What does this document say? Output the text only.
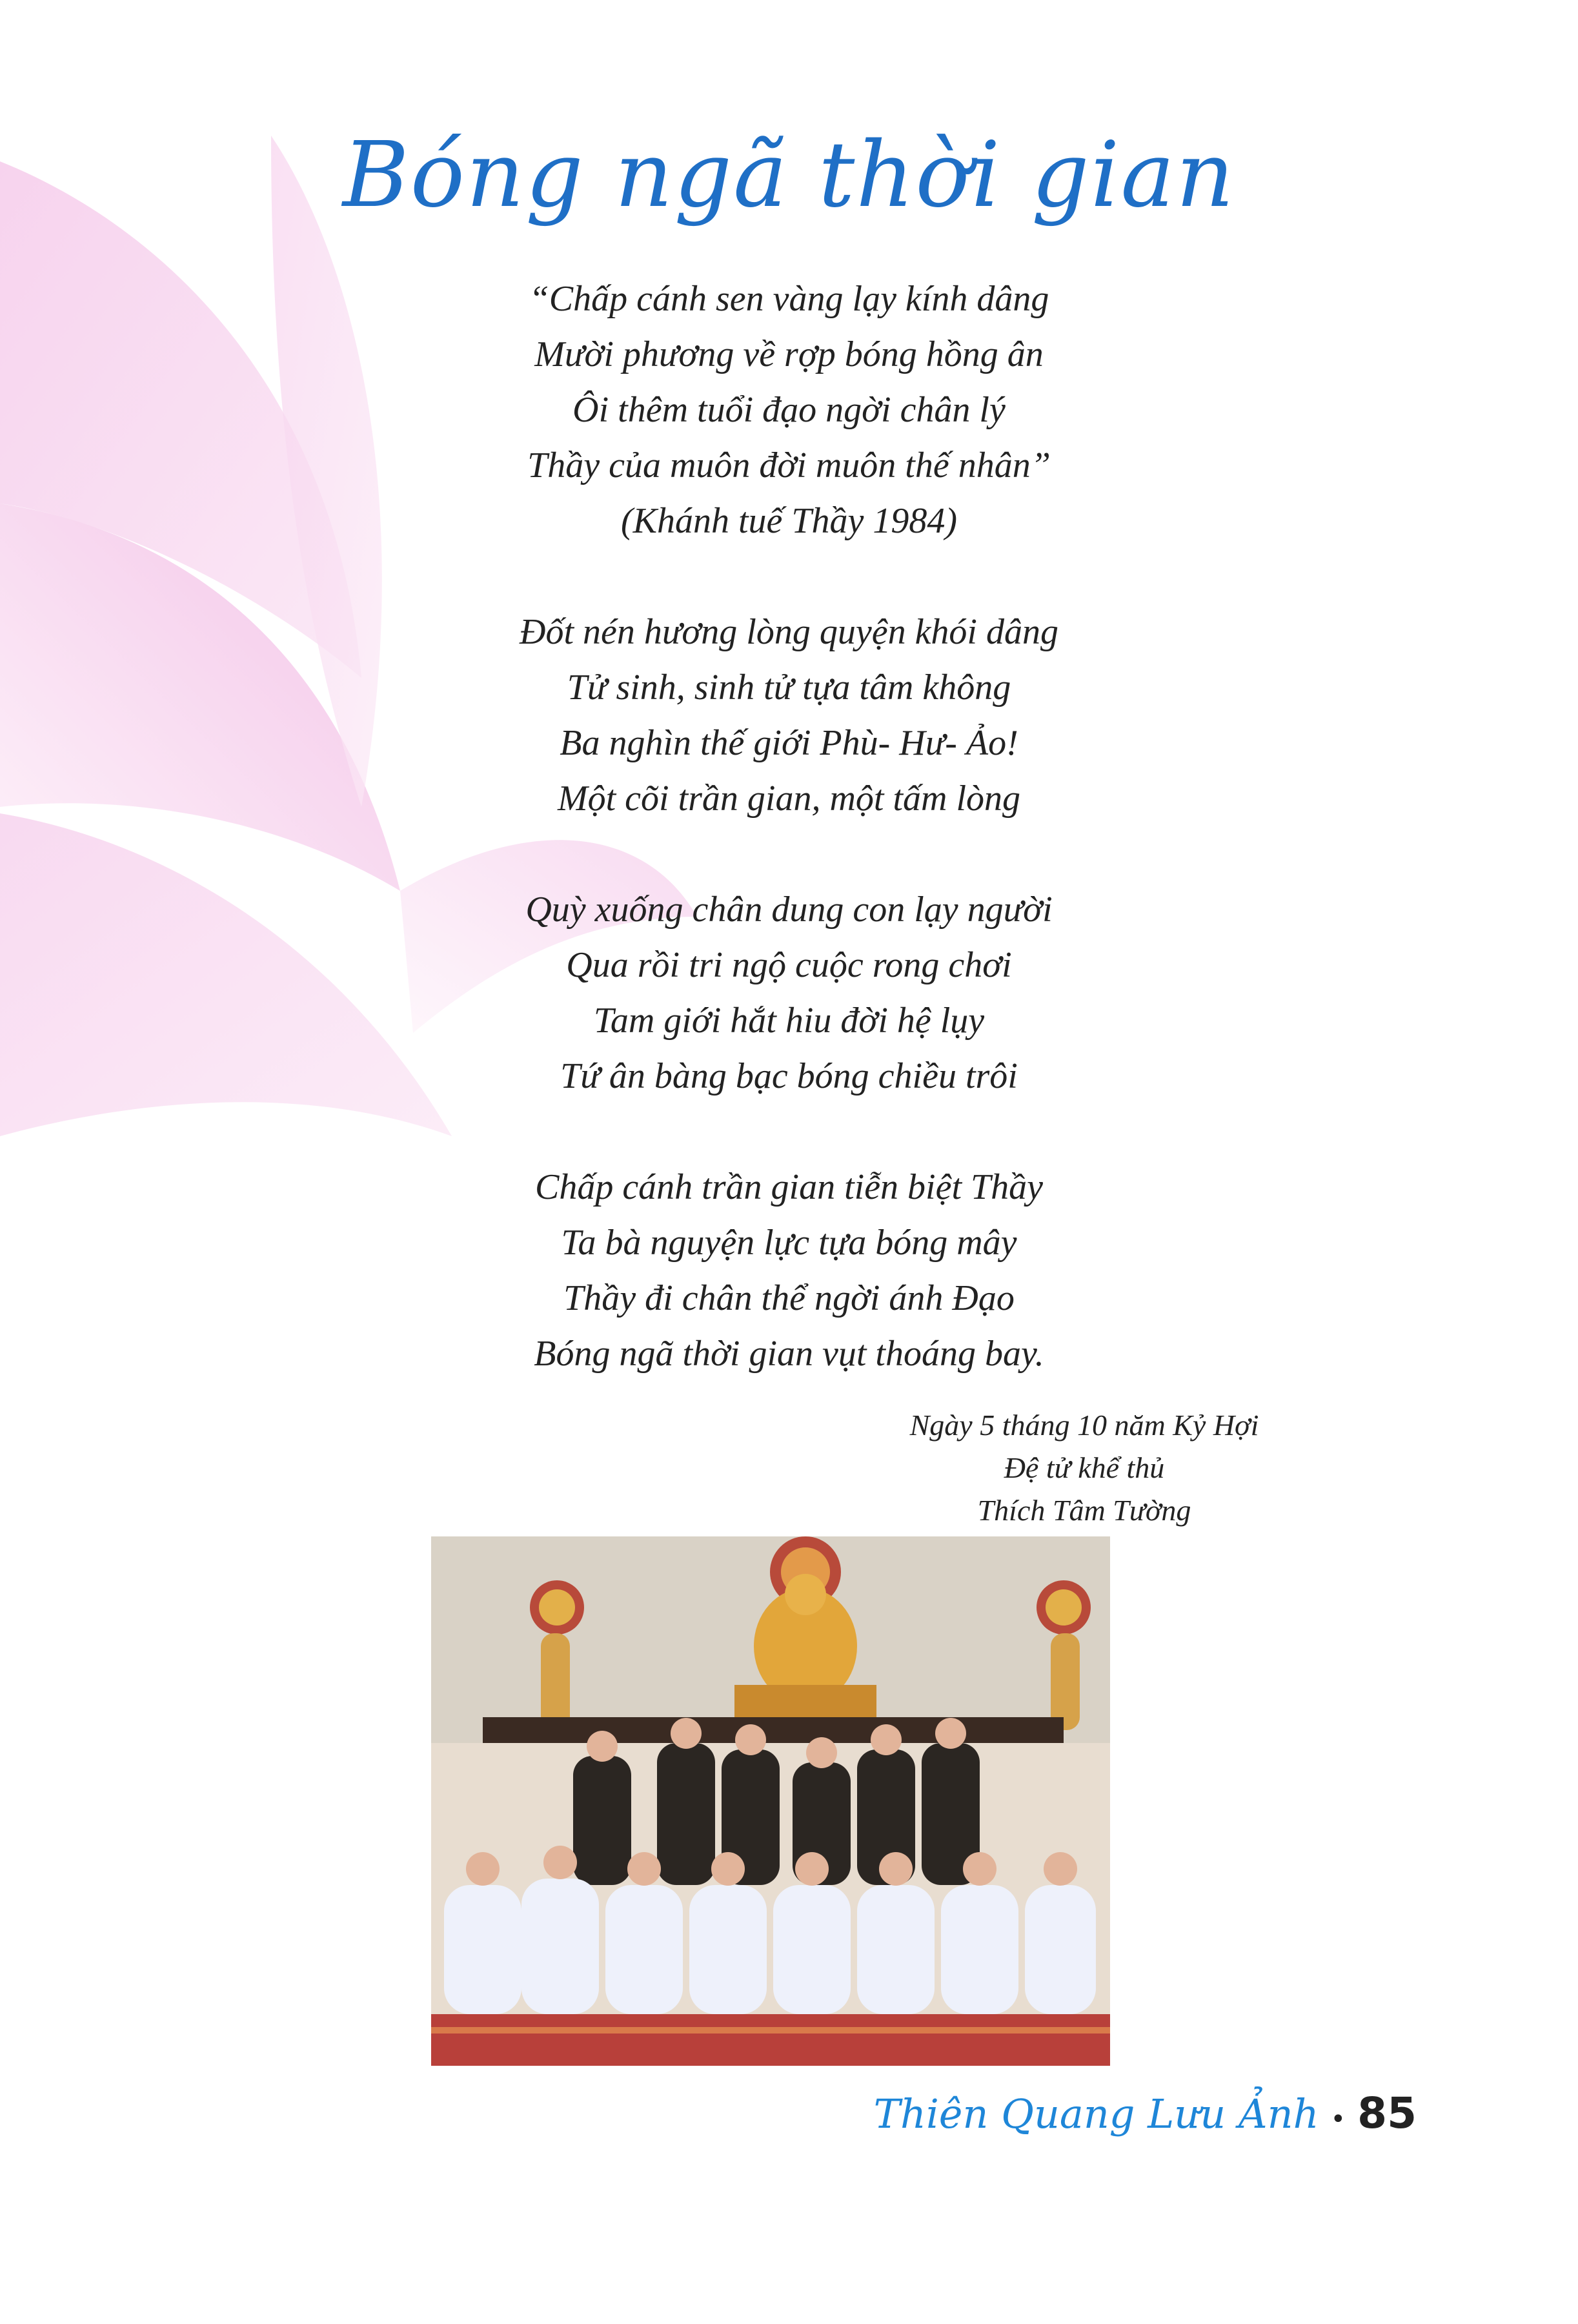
Bóng ngã thời gian
“Chấp cánh sen vàng lạy kính dâng
Mười phương về rợp bóng hồng ân
Ôi thêm tuổi đạo ngời chân lý
Thầy của muôn đời muôn thế nhân”
(Khánh tuế Thầy 1984)
Đốt nén hương lòng quyện khói dâng
Tử sinh, sinh tử tựa tâm không
Ba nghìn thế giới Phù- Hư- Ảo!
Một cõi trần gian, một tấm lòng
Quỳ xuống chân dung con lạy người
Qua rồi tri ngộ cuộc rong chơi
Tam giới hắt hiu đời hệ lụy
Tứ ân bàng bạc bóng chiều trôi
Chấp cánh trần gian tiễn biệt Thầy
Ta bà nguyện lực tựa bóng mây
Thầy đi chân thể ngời ánh Đạo
Bóng ngã thời gian vụt thoáng bay.
Ngày 5 tháng 10 năm Kỷ Hợi
Đệ tử khể thủ
Thích Tâm Tường
Thiên Quang Lưu Ảnh • 85
